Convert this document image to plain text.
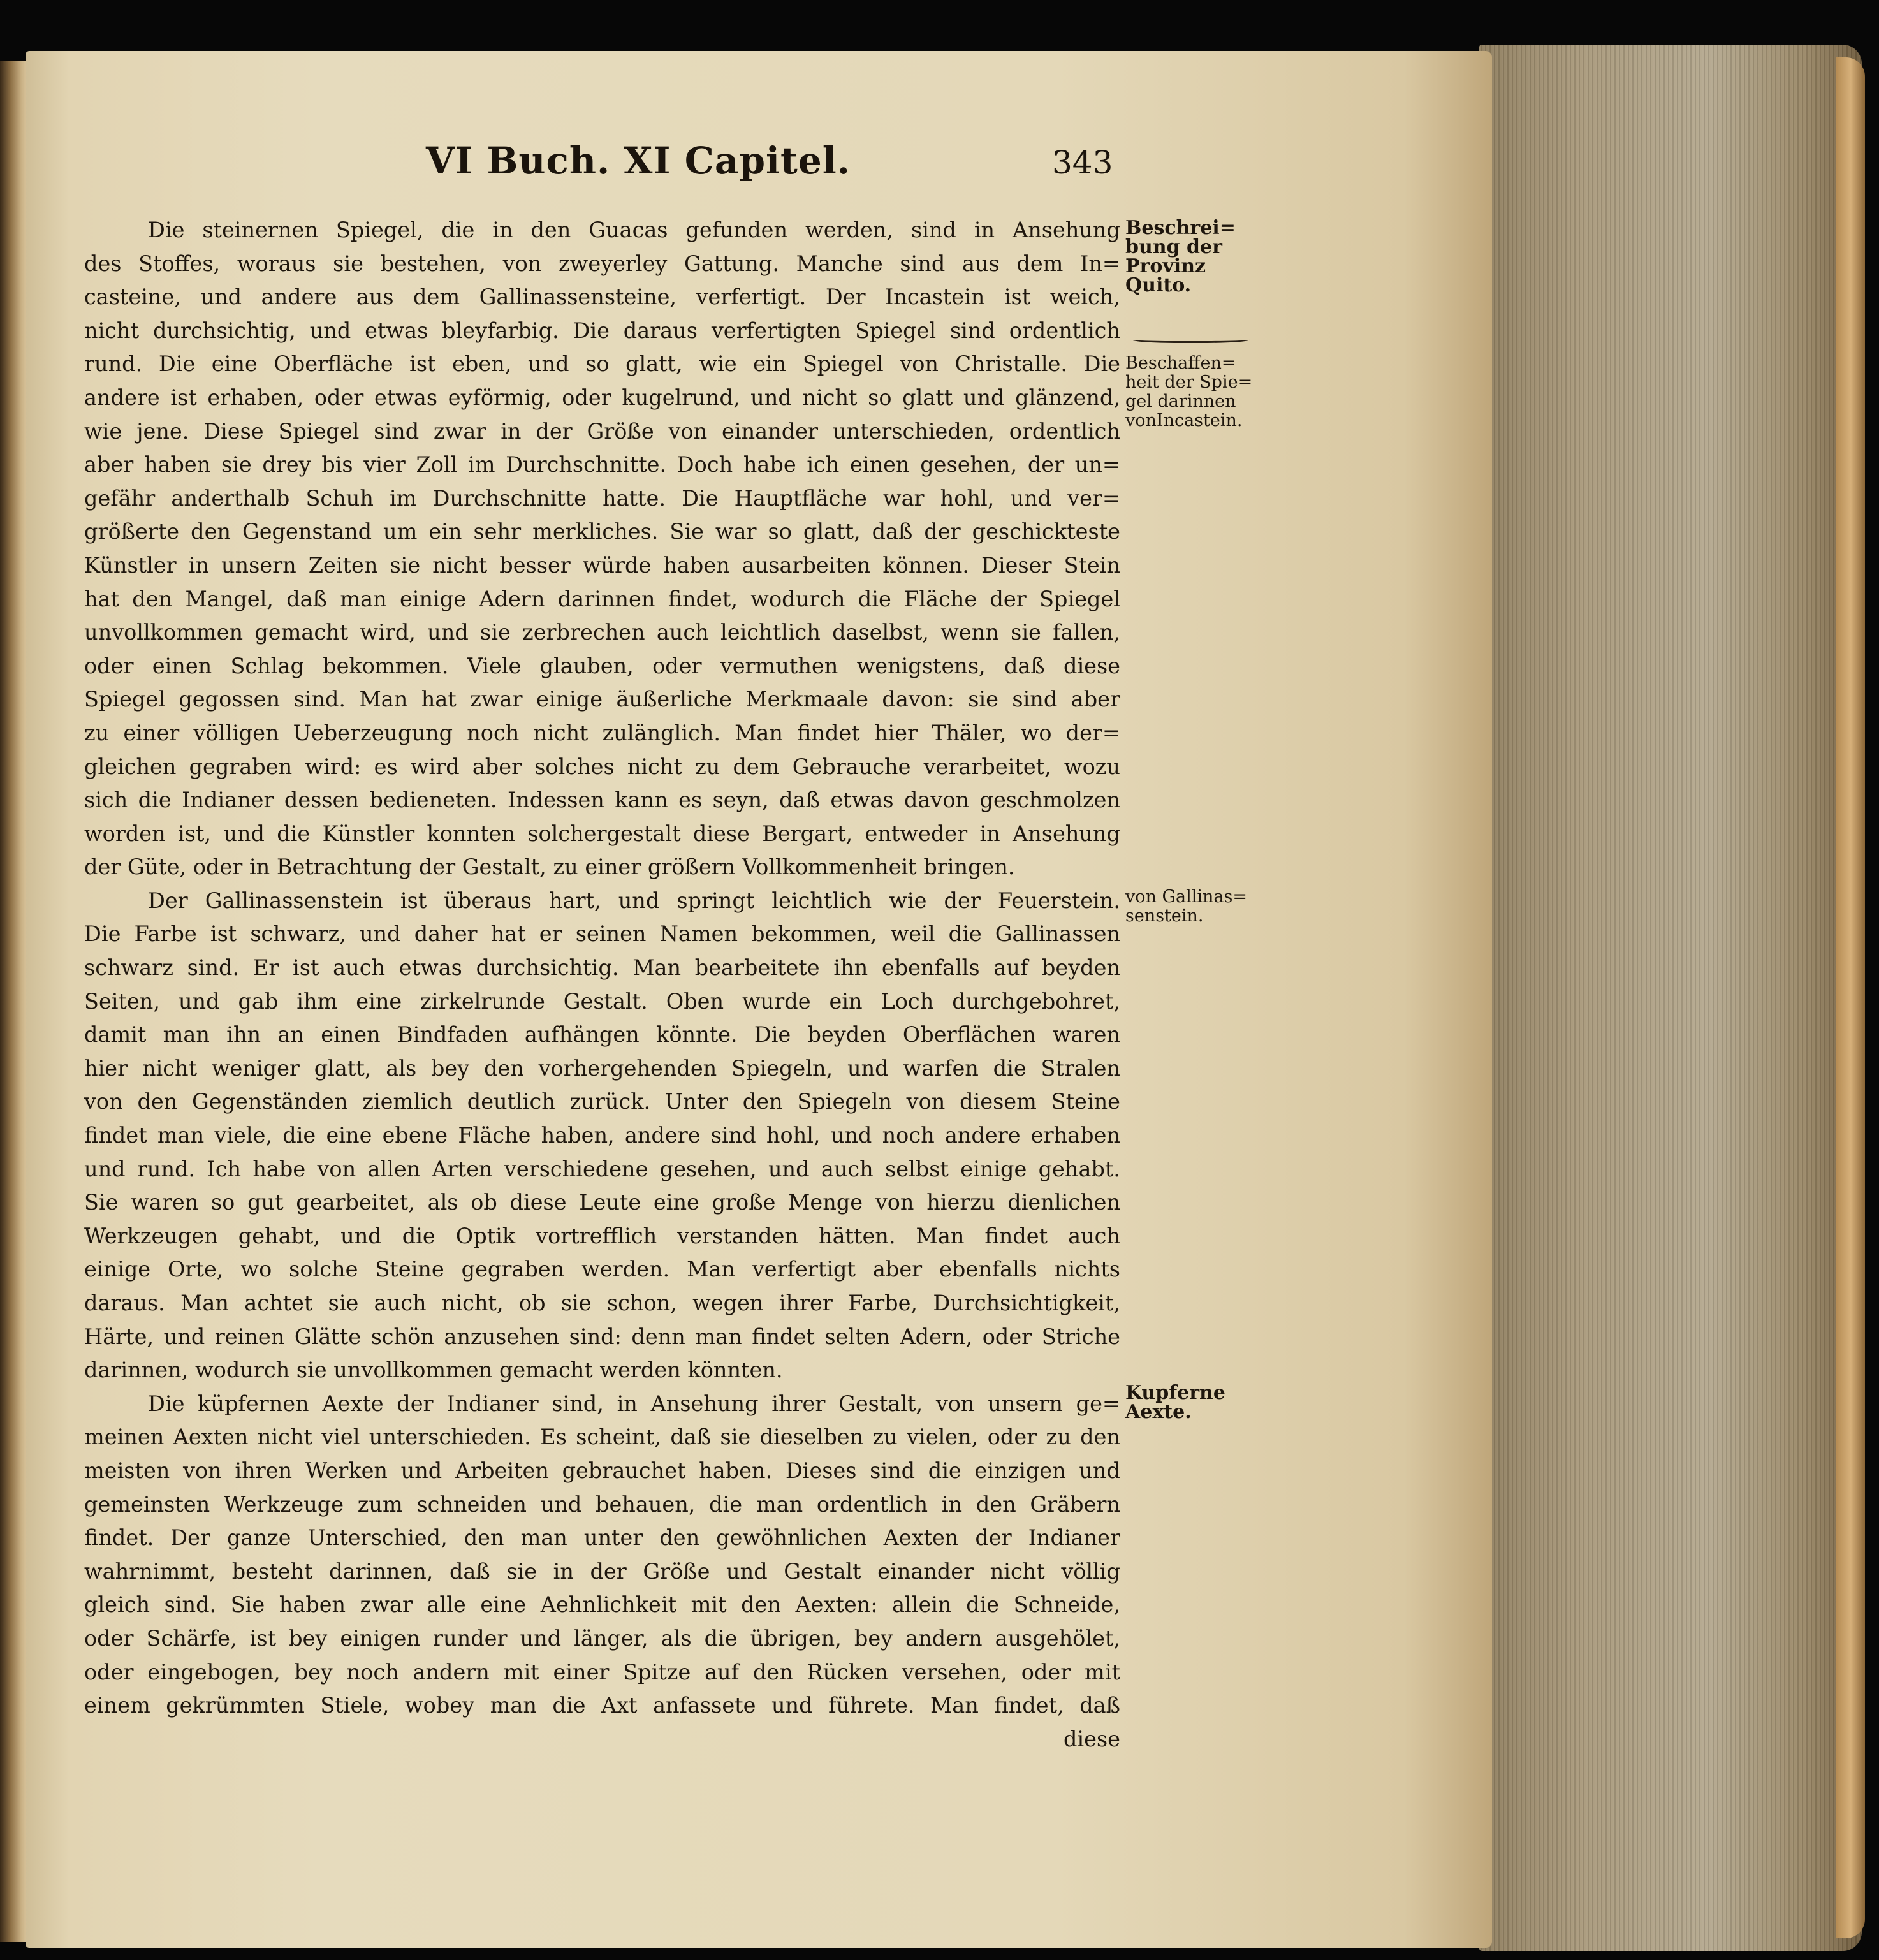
VI Buch. XI Capitel.	343
Die steinernen Spiegel, die in den Guacas gefunden werden, sind in Ansehung
des Stoffes, woraus sie bestehen, von zweyerley Gattung. Manche sind aus dem In=
casteine, und andere aus dem Gallinassensteine, verfertigt. Der Incastein ist weich,
nicht durchsichtig, und etwas bleyfarbig. Die daraus verfertigten Spiegel sind ordentlich
rund. Die eine Oberfläche ist eben, und so glatt, wie ein Spiegel von Christalle. Die
andere ist erhaben, oder etwas eyförmig, oder kugelrund, und nicht so glatt und glänzend,
wie jene. Diese Spiegel sind zwar in der Größe von einander unterschieden, ordentlich
aber haben sie drey bis vier Zoll im Durchschnitte. Doch habe ich einen gesehen, der un=
gefähr anderthalb Schuh im Durchschnitte hatte. Die Hauptfläche war hohl, und ver=
größerte den Gegenstand um ein sehr merkliches. Sie war so glatt, daß der geschickteste
Künstler in unsern Zeiten sie nicht besser würde haben ausarbeiten können. Dieser Stein
hat den Mangel, daß man einige Adern darinnen findet, wodurch die Fläche der Spiegel
unvollkommen gemacht wird, und sie zerbrechen auch leichtlich daselbst, wenn sie fallen,
oder einen Schlag bekommen. Viele glauben, oder vermuthen wenigstens, daß diese
Spiegel gegossen sind. Man hat zwar einige äußerliche Merkmaale davon: sie sind aber
zu einer völligen Ueberzeugung noch nicht zulänglich. Man findet hier Thäler, wo der=
gleichen gegraben wird: es wird aber solches nicht zu dem Gebrauche verarbeitet, wozu
sich die Indianer dessen bedieneten. Indessen kann es seyn, daß etwas davon geschmolzen
worden ist, und die Künstler konnten solchergestalt diese Bergart, entweder in Ansehung
der Güte, oder in Betrachtung der Gestalt, zu einer größern Vollkommenheit bringen.
Der Gallinassenstein ist überaus hart, und springt leichtlich wie der Feuerstein.
Die Farbe ist schwarz, und daher hat er seinen Namen bekommen, weil die Gallinassen
schwarz sind. Er ist auch etwas durchsichtig. Man bearbeitete ihn ebenfalls auf beyden
Seiten, und gab ihm eine zirkelrunde Gestalt. Oben wurde ein Loch durchgebohret,
damit man ihn an einen Bindfaden aufhängen könnte. Die beyden Oberflächen waren
hier nicht weniger glatt, als bey den vorhergehenden Spiegeln, und warfen die Stralen
von den Gegenständen ziemlich deutlich zurück. Unter den Spiegeln von diesem Steine
findet man viele, die eine ebene Fläche haben, andere sind hohl, und noch andere erhaben
und rund. Ich habe von allen Arten verschiedene gesehen, und auch selbst einige gehabt.
Sie waren so gut gearbeitet, als ob diese Leute eine große Menge von hierzu dienlichen
Werkzeugen gehabt, und die Optik vortrefflich verstanden hätten. Man findet auch
einige Orte, wo solche Steine gegraben werden. Man verfertigt aber ebenfalls nichts
daraus. Man achtet sie auch nicht, ob sie schon, wegen ihrer Farbe, Durchsichtigkeit,
Härte, und reinen Glätte schön anzusehen sind: denn man findet selten Adern, oder Striche
darinnen, wodurch sie unvollkommen gemacht werden könnten.
Die küpfernen Aexte der Indianer sind, in Ansehung ihrer Gestalt, von unsern ge=
meinen Aexten nicht viel unterschieden. Es scheint, daß sie dieselben zu vielen, oder zu den
meisten von ihren Werken und Arbeiten gebrauchet haben. Dieses sind die einzigen und
gemeinsten Werkzeuge zum schneiden und behauen, die man ordentlich in den Gräbern
findet. Der ganze Unterschied, den man unter den gewöhnlichen Aexten der Indianer
wahrnimmt, besteht darinnen, daß sie in der Größe und Gestalt einander nicht völlig
gleich sind. Sie haben zwar alle eine Aehnlichkeit mit den Aexten: allein die Schneide,
oder Schärfe, ist bey einigen runder und länger, als die übrigen, bey andern ausgehölet,
oder eingebogen, bey noch andern mit einer Spitze auf den Rücken versehen, oder mit
einem gekrümmten Stiele, wobey man die Axt anfassete und führete. Man findet, daß
diese
Beschrei=
bung der
Provinz
Quito.
Beschaffen=
heit der Spie=
gel darinnen
vonIncastein.
von Gallinas=
senstein.
Kupferne
Aexte.
